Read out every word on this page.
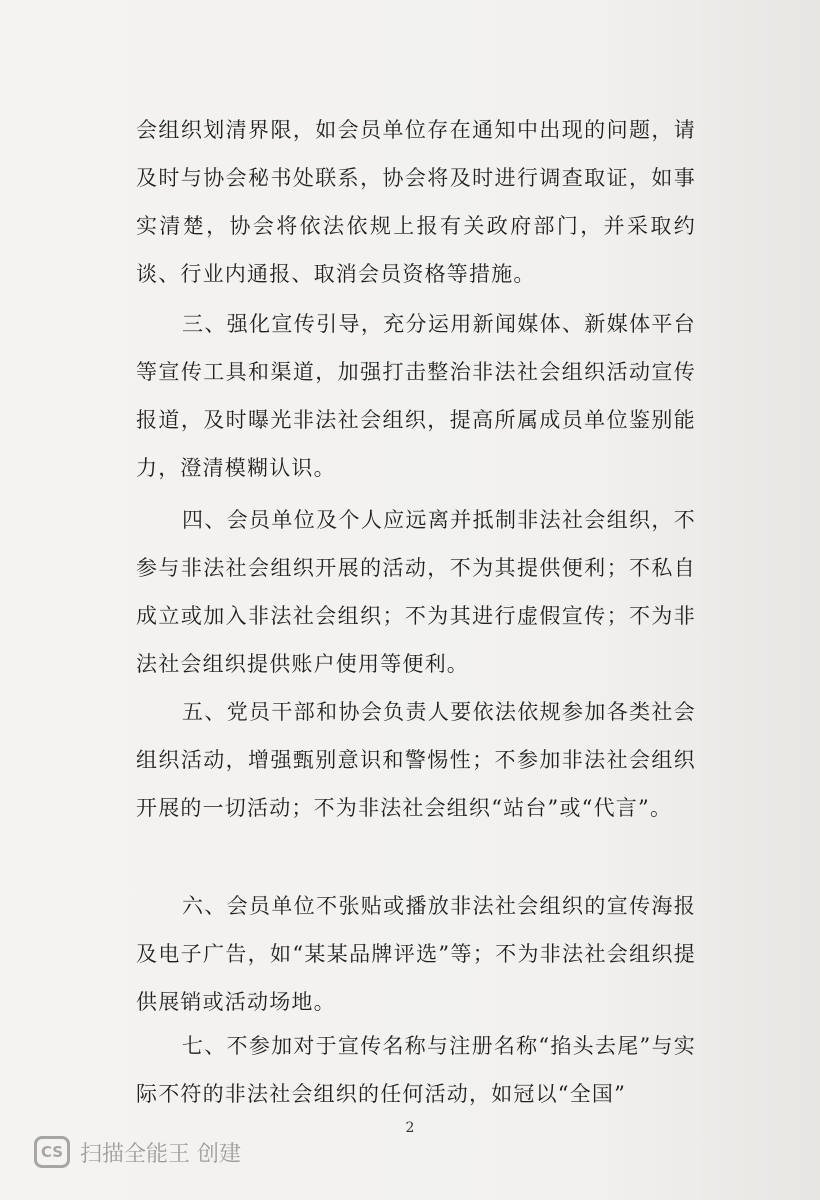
会组织划清界限，如会员单位存在通知中出现的问题，请及时与协会秘书处联系，协会将及时进行调查取证，如事实清楚，协会将依法依规上报有关政府部门，并采取约谈、行业内通报、取消会员资格等措施。

三、强化宣传引导，充分运用新闻媒体、新媒体平台等宣传工具和渠道，加强打击整治非法社会组织活动宣传报道，及时曝光非法社会组织，提高所属成员单位鉴别能力，澄清模糊认识。

四、会员单位及个人应远离并抵制非法社会组织，不参与非法社会组织开展的活动，不为其提供便利；不私自成立或加入非法社会组织；不为其进行虚假宣传；不为非法社会组织提供账户使用等便利。

五、党员干部和协会负责人要依法依规参加各类社会组织活动，增强甄别意识和警惕性；不参加非法社会组织开展的一切活动；不为非法社会组织“站台”或“代言”。

六、会员单位不张贴或播放非法社会组织的宣传海报及电子广告，如“某某品牌评选”等；不为非法社会组织提供展销或活动场地。

七、不参加对于宣传名称与注册名称“掐头去尾”与实际不符的非法社会组织的任何活动，如冠以“全国”

2
CS 扫描全能王 创建
